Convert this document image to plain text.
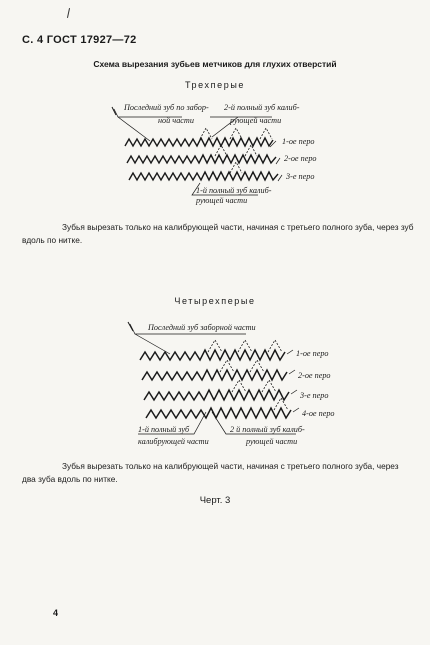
С. 4 ГОСТ 17927—72
Схема вырезания зубьев метчиков для глухих отверстий
Трехперые
Последний зуб по забор-
ной части
2-й полный зуб калиб-
рующей части
1-ое перо
2-ое перо
3-е перо
1-й полный зуб калиб-
рующей части
Зубья вырезать только на калибрующей части, начиная с третьего полного зуба, через зуб вдоль по нитке.
Четырехперые
Последний зуб заборной части
1-ое перо
2-ое перо
3-е перо
4-ое перо
1-й полный зуб
калибрующей части
2 й полный зуб калиб-
рующей части
Зубья вырезать только на калибрующей части, начиная с третьего полного зуба, через два зуба вдоль по нитке.
Черт. 3
4
